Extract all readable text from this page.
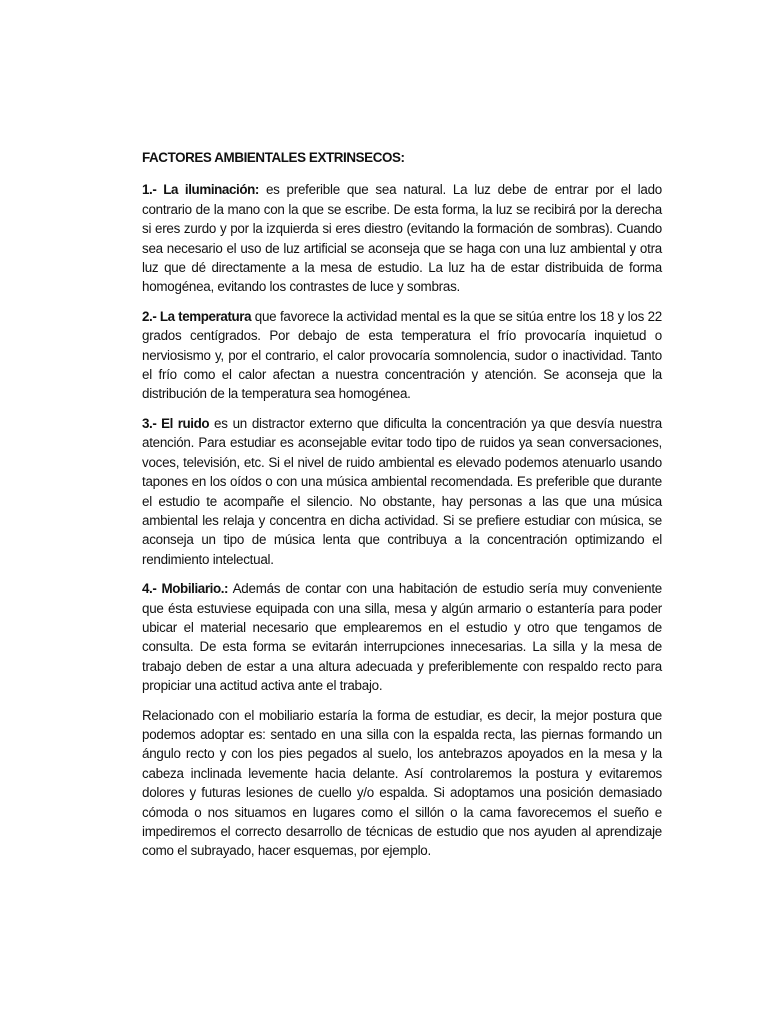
FACTORES AMBIENTALES EXTRINSECOS:

1.- La iluminación: es preferible que sea natural. La luz debe de entrar por el lado contrario de la mano con la que se escribe. De esta forma, la luz se recibirá por la derecha si eres zurdo y por la izquierda si eres diestro (evitando la formación de sombras). Cuando sea necesario el uso de luz artificial se aconseja que se haga con una luz ambiental y otra luz que dé directamente a la mesa de estudio. La luz ha de estar distribuida de forma homogénea, evitando los contrastes de luce y sombras.

2.- La temperatura que favorece la actividad mental es la que se sitúa entre los 18 y los 22 grados centígrados. Por debajo de esta temperatura el frío provocaría inquietud o nerviosismo y, por el contrario, el calor provocaría somnolencia, sudor o inactividad. Tanto el frío como el calor afectan a nuestra concentración y atención. Se aconseja que la distribución de la temperatura sea homogénea.

3.- El ruido es un distractor externo que dificulta la concentración ya que desvía nuestra atención. Para estudiar es aconsejable evitar todo tipo de ruidos ya sean conversaciones, voces, televisión, etc. Si el nivel de ruido ambiental es elevado podemos atenuarlo usando tapones en los oídos o con una música ambiental recomendada. Es preferible que durante el estudio te acompañe el silencio. No obstante, hay personas a las que una música ambiental les relaja y concentra en dicha actividad. Si se prefiere estudiar con música, se aconseja un tipo de música lenta que contribuya a la concentración optimizando el rendimiento intelectual.

4.- Mobiliario.: Además de contar con una habitación de estudio sería muy conveniente que ésta estuviese equipada con una silla, mesa y algún armario o estantería para poder ubicar el material necesario que emplearemos en el estudio y otro que tengamos de consulta. De esta forma se evitarán interrupciones innecesarias. La silla y la mesa de trabajo deben de estar a una altura adecuada y preferiblemente con respaldo recto para propiciar una actitud activa ante el trabajo.

Relacionado con el mobiliario estaría la forma de estudiar, es decir, la mejor postura que podemos adoptar es: sentado en una silla con la espalda recta, las piernas formando un ángulo recto y con los pies pegados al suelo, los antebrazos apoyados en la mesa y la cabeza inclinada levemente hacia delante. Así controlaremos la postura y evitaremos dolores y futuras lesiones de cuello y/o espalda. Si adoptamos una posición demasiado cómoda o nos situamos en lugares como el sillón o la cama favorecemos el sueño e impediremos el correcto desarrollo de técnicas de estudio que nos ayuden al aprendizaje como el subrayado, hacer esquemas, por ejemplo.
